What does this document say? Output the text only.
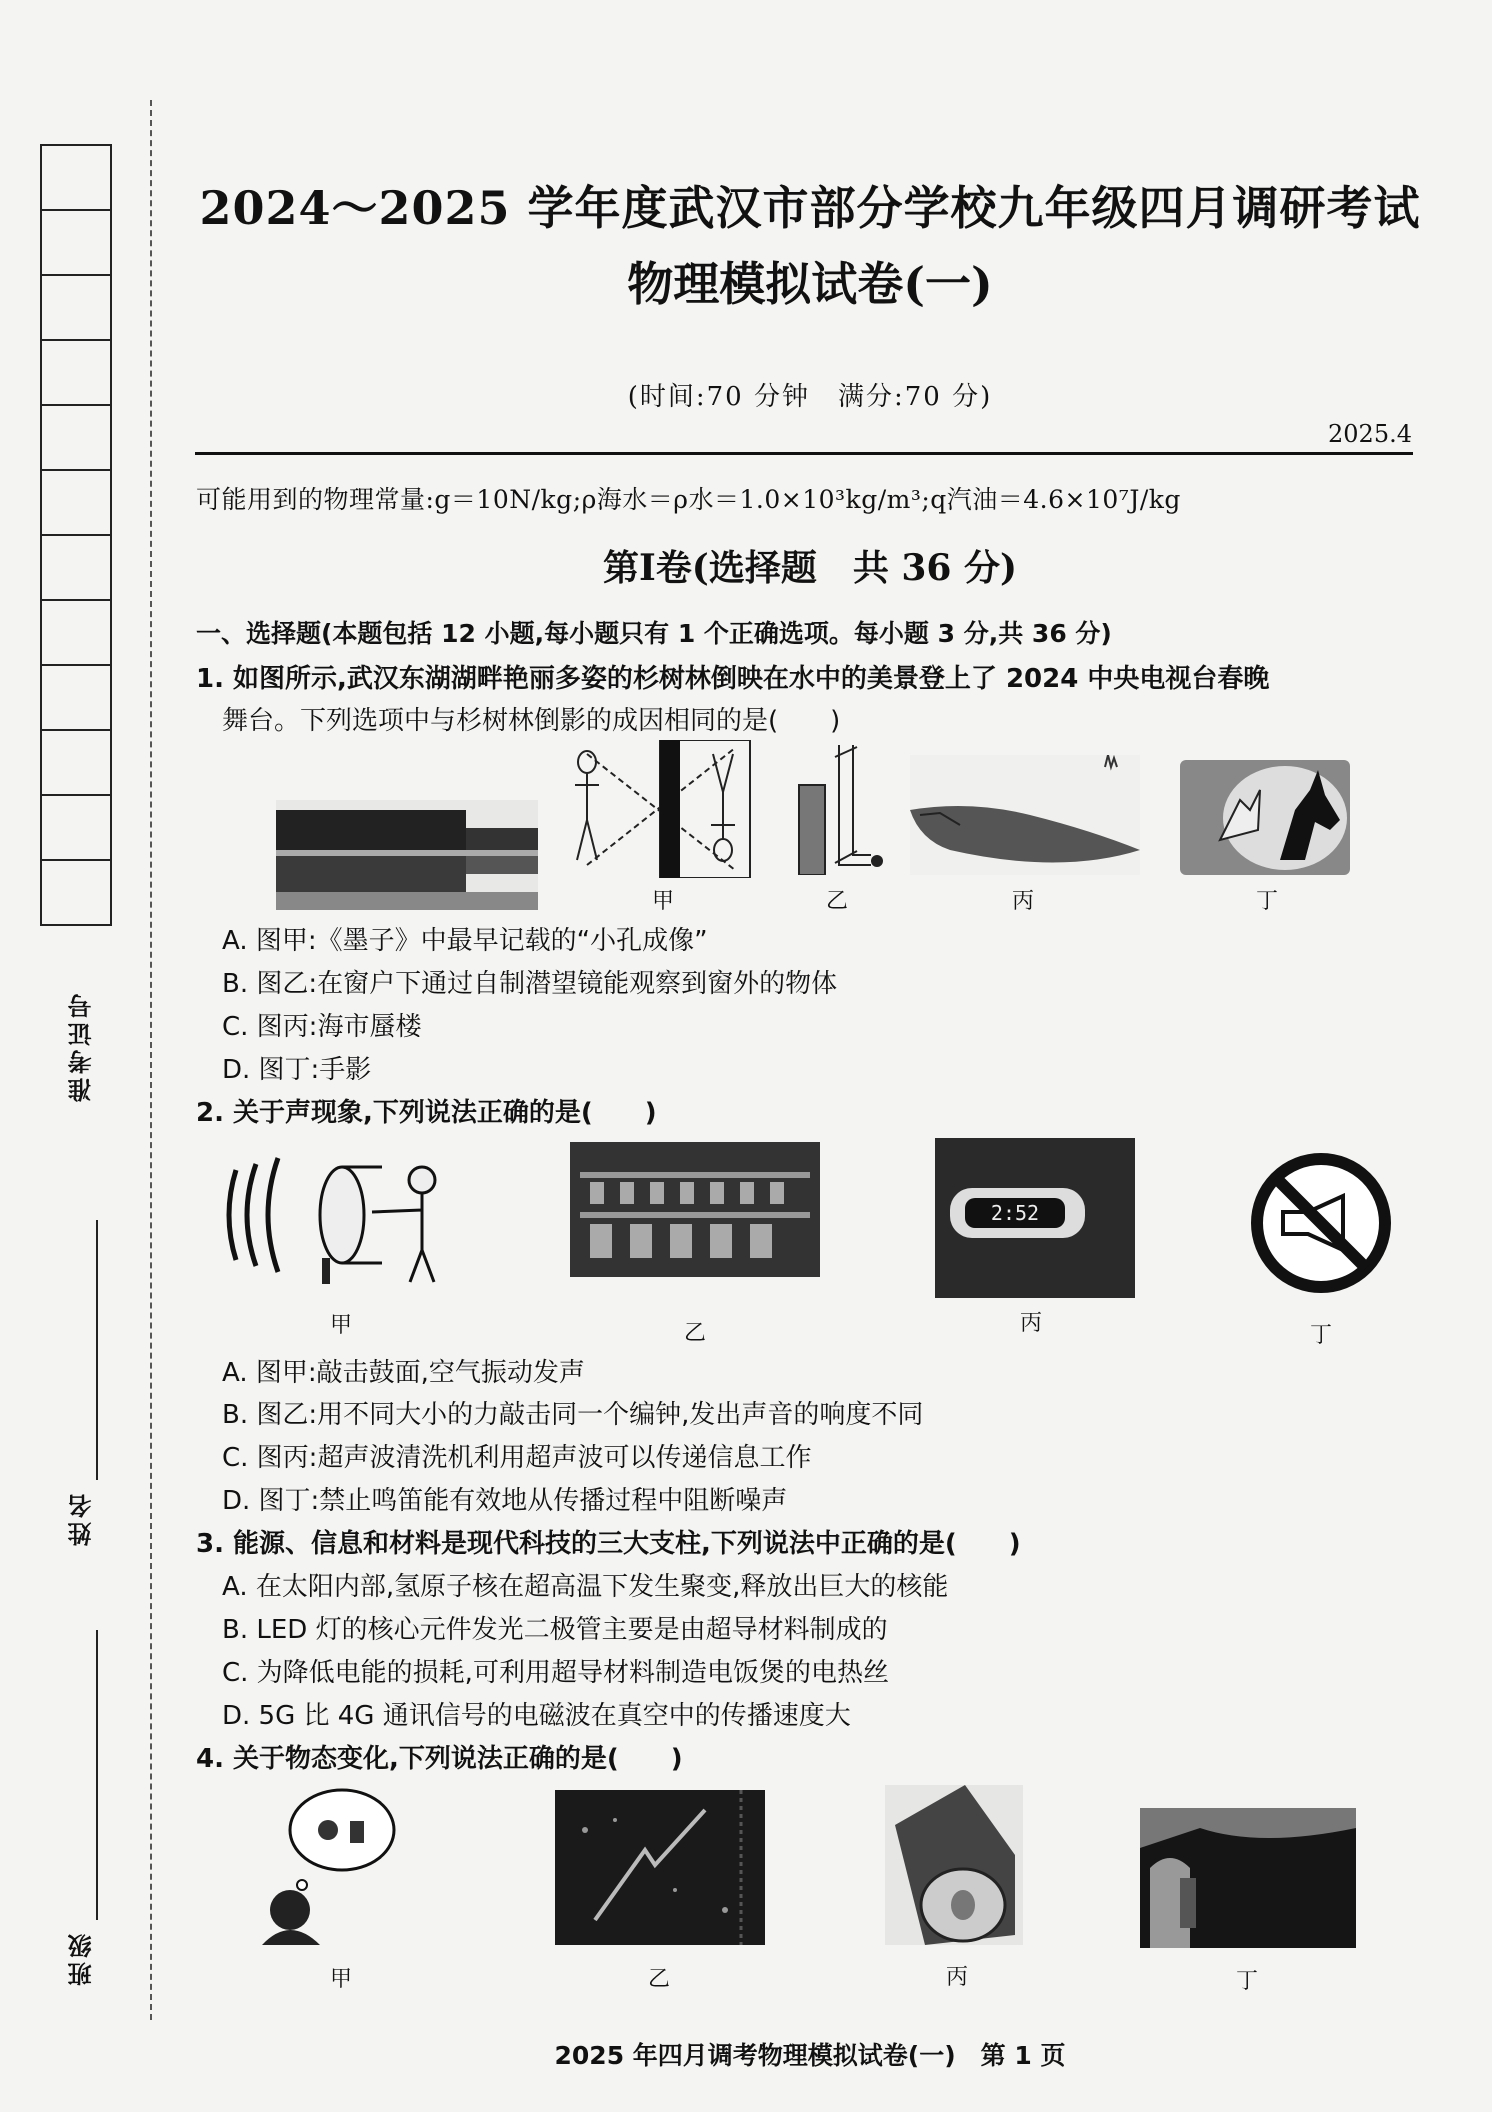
准考证号
姓名
班级
2024～2025 学年度武汉市部分学校九年级四月调研考试
物理模拟试卷(一)
(时间:70 分钟　满分:70 分)
2025.4
可能用到的物理常量:g＝10N/kg;ρ海水＝ρ水＝1.0×10³kg/m³;q汽油＝4.6×10⁷J/kg
第Ⅰ卷(选择题　共 36 分)
一、选择题(本题包括 12 小题,每小题只有 1 个正确选项。每小题 3 分,共 36 分)
1. 如图所示,武汉东湖湖畔艳丽多姿的杉树林倒映在水中的美景登上了 2024 中央电视台春晚
舞台。下列选项中与杉树林倒影的成因相同的是(　　)
甲	乙	丙	丁
A. 图甲:《墨子》中最早记载的“小孔成像”
B. 图乙:在窗户下通过自制潜望镜能观察到窗外的物体
C. 图丙:海市蜃楼
D. 图丁:手影
2. 关于声现象,下列说法正确的是(　　)
甲	乙
2:52
丙	丁
A. 图甲:敲击鼓面,空气振动发声
B. 图乙:用不同大小的力敲击同一个编钟,发出声音的响度不同
C. 图丙:超声波清洗机利用超声波可以传递信息工作
D. 图丁:禁止鸣笛能有效地从传播过程中阻断噪声
3. 能源、信息和材料是现代科技的三大支柱,下列说法中正确的是(　　)
A. 在太阳内部,氢原子核在超高温下发生聚变,释放出巨大的核能
B. LED 灯的核心元件发光二极管主要是由超导材料制成的
C. 为降低电能的损耗,可利用超导材料制造电饭煲的电热丝
D. 5G 比 4G 通讯信号的电磁波在真空中的传播速度大
4. 关于物态变化,下列说法正确的是(　　)
甲	乙	丙	丁
2025 年四月调考物理模拟试卷(一)　第 1 页
